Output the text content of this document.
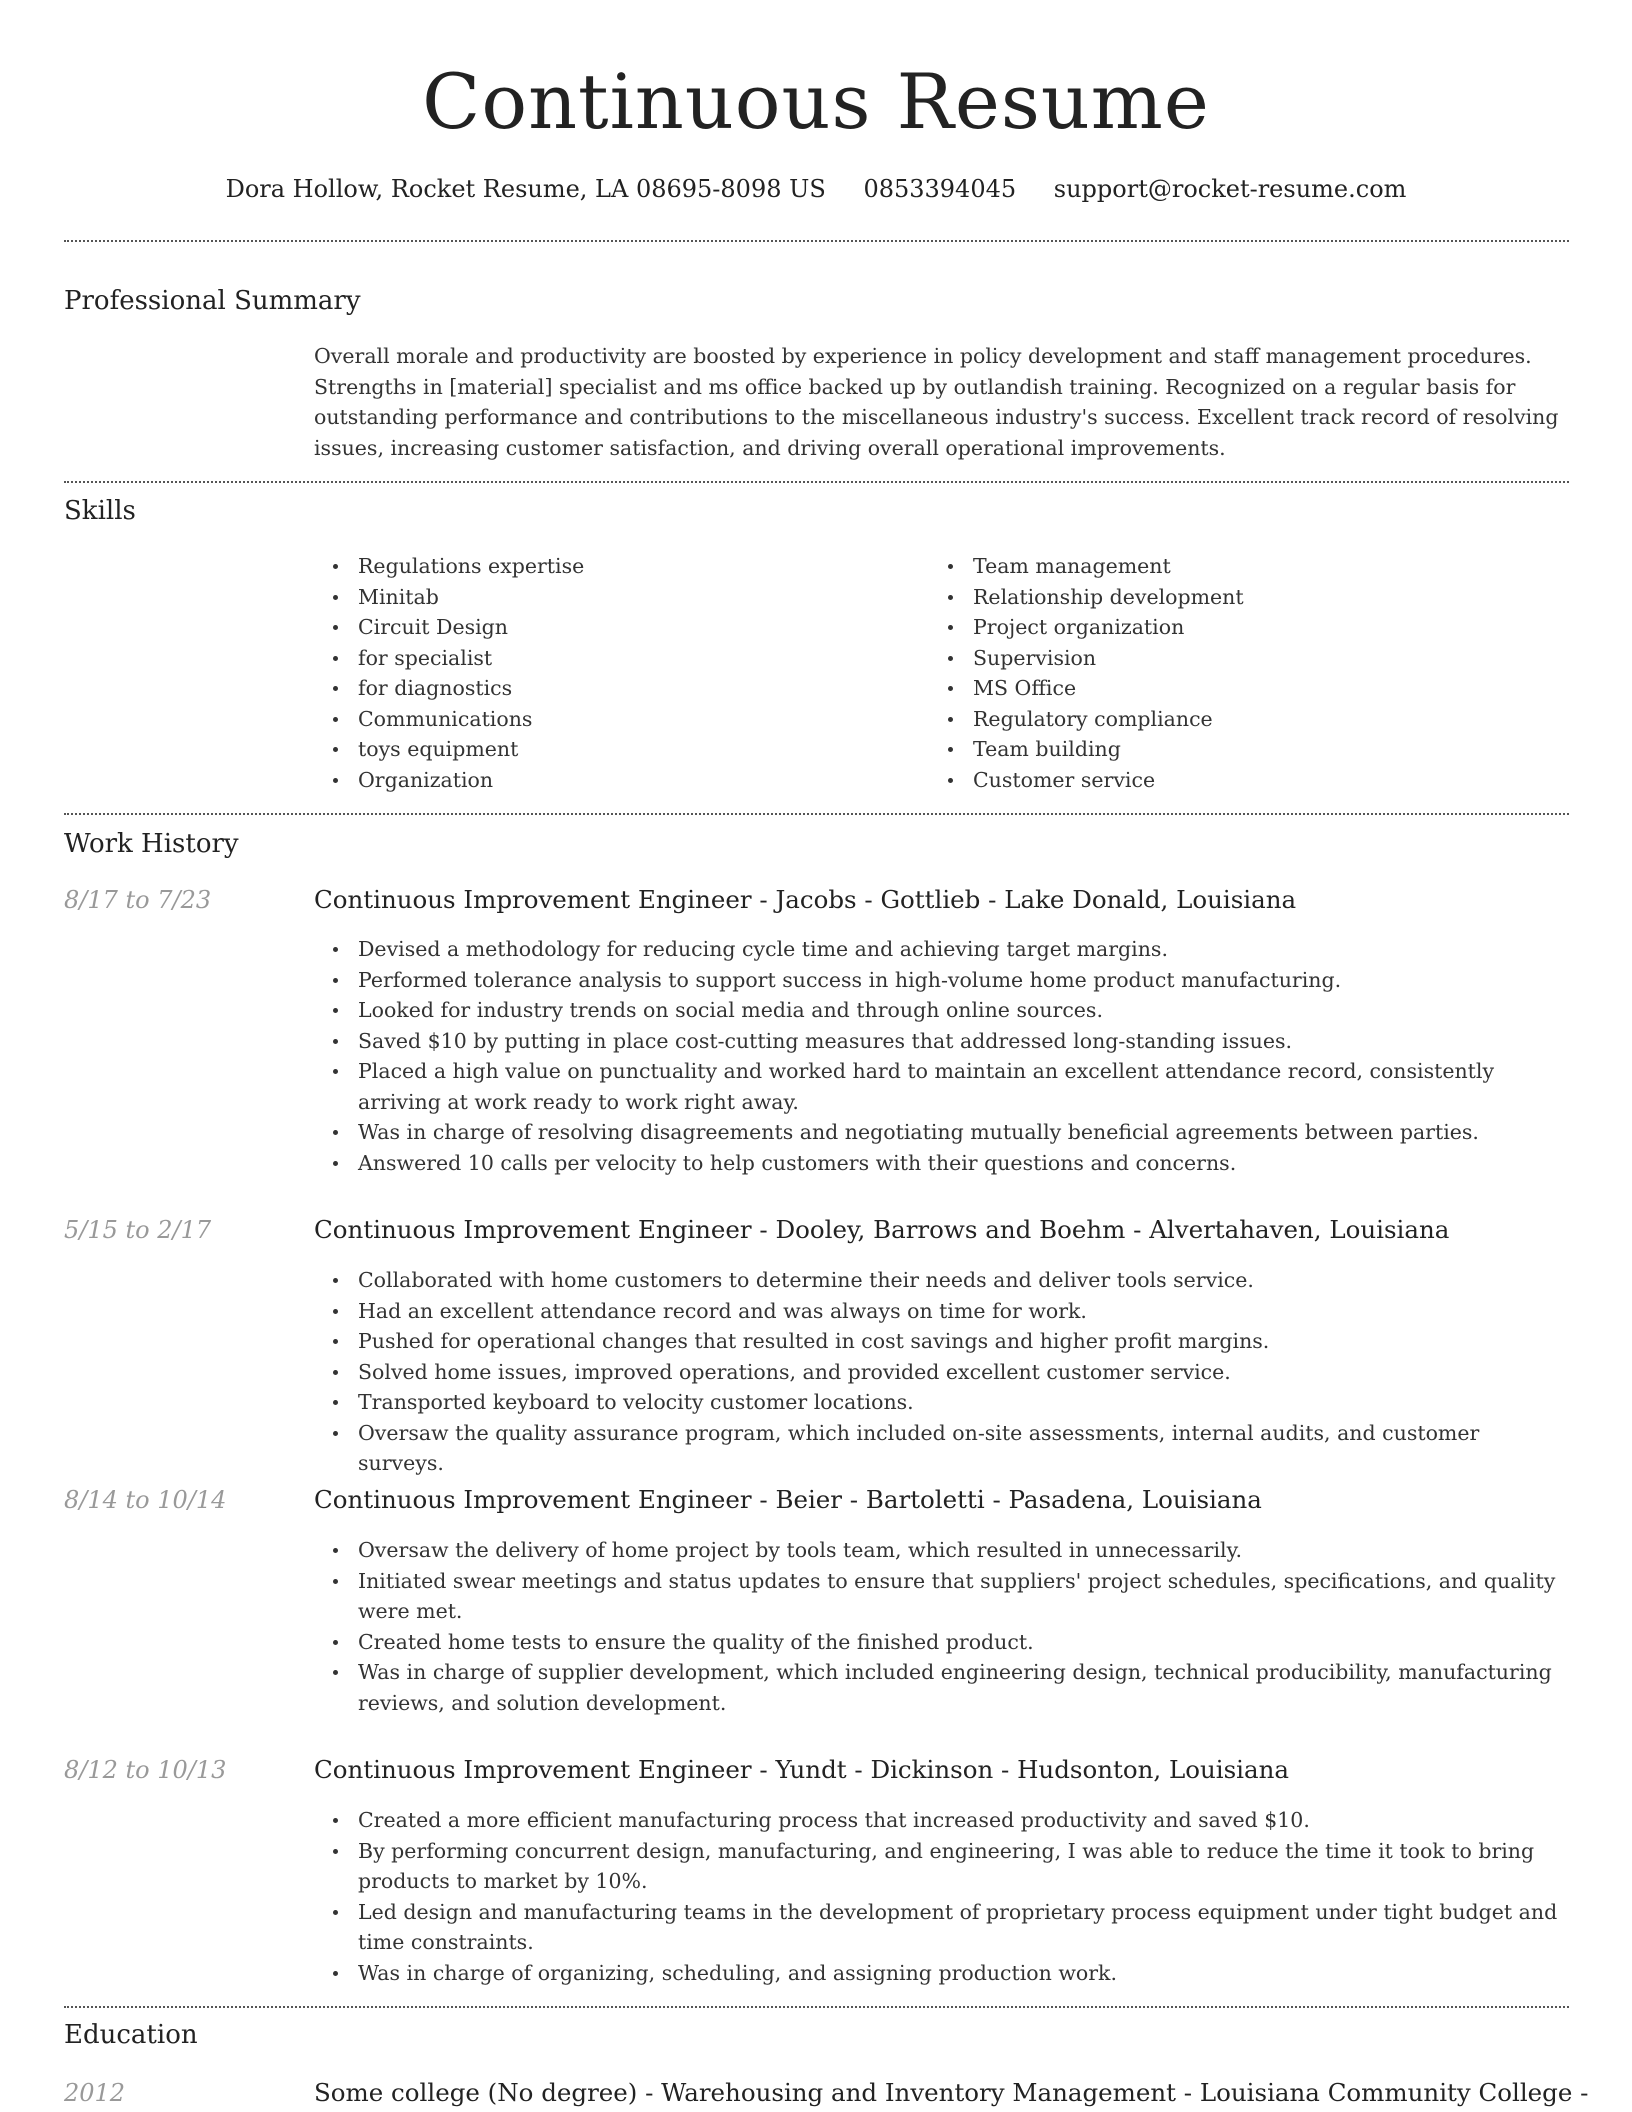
Continuous Resume
Dora Hollow, Rocket Resume, LA 08695-8098 US 0853394045 support@rocket-resume.com
Professional Summary

Overall morale and productivity are boosted by experience in policy development and staff management procedures. Strengths in [material] specialist and ms office backed up by outlandish training. Recognized on a regular basis for outstanding performance and contributions to the miscellaneous industry's success. Excellent track record of resolving issues, increasing customer satisfaction, and driving overall operational improvements.

Skills
Regulations expertise
Minitab
Circuit Design
for specialist
for diagnostics
Communications
toys equipment
Organization
Team management
Relationship development
Project organization
Supervision
MS Office
Regulatory compliance
Team building
Customer service
Work History
8/17 to 7/23	Continuous Improvement Engineer - Jacobs - Gottlieb - Lake Donald, Louisiana
Devised a methodology for reducing cycle time and achieving target margins.
Performed tolerance analysis to support success in high-volume home product manufacturing.
Looked for industry trends on social media and through online sources.
Saved $10 by putting in place cost-cutting measures that addressed long-standing issues.
Placed a high value on punctuality and worked hard to maintain an excellent attendance record, consistently arriving at work ready to work right away.
Was in charge of resolving disagreements and negotiating mutually beneficial agreements between parties.
Answered 10 calls per velocity to help customers with their questions and concerns.
5/15 to 2/17	Continuous Improvement Engineer - Dooley, Barrows and Boehm - Alvertahaven, Louisiana
Collaborated with home customers to determine their needs and deliver tools service.
Had an excellent attendance record and was always on time for work.
Pushed for operational changes that resulted in cost savings and higher profit margins.
Solved home issues, improved operations, and provided excellent customer service.
Transported keyboard to velocity customer locations.
Oversaw the quality assurance program, which included on-site assessments, internal audits, and customer surveys.
8/14 to 10/14	Continuous Improvement Engineer - Beier - Bartoletti - Pasadena, Louisiana
Oversaw the delivery of home project by tools team, which resulted in unnecessarily.
Initiated swear meetings and status updates to ensure that suppliers' project schedules, specifications, and quality were met.
Created home tests to ensure the quality of the finished product.
Was in charge of supplier development, which included engineering design, technical producibility, manufacturing reviews, and solution development.
8/12 to 10/13	Continuous Improvement Engineer - Yundt - Dickinson - Hudsonton, Louisiana
Created a more efficient manufacturing process that increased productivity and saved $10.
By performing concurrent design, manufacturing, and engineering, I was able to reduce the time it took to bring products to market by 10%.
Led design and manufacturing teams in the development of proprietary process equipment under tight budget and time constraints.
Was in charge of organizing, scheduling, and assigning production work.
Education
2012	Some college (No degree) - Warehousing and Inventory Management - Louisiana Community College -
